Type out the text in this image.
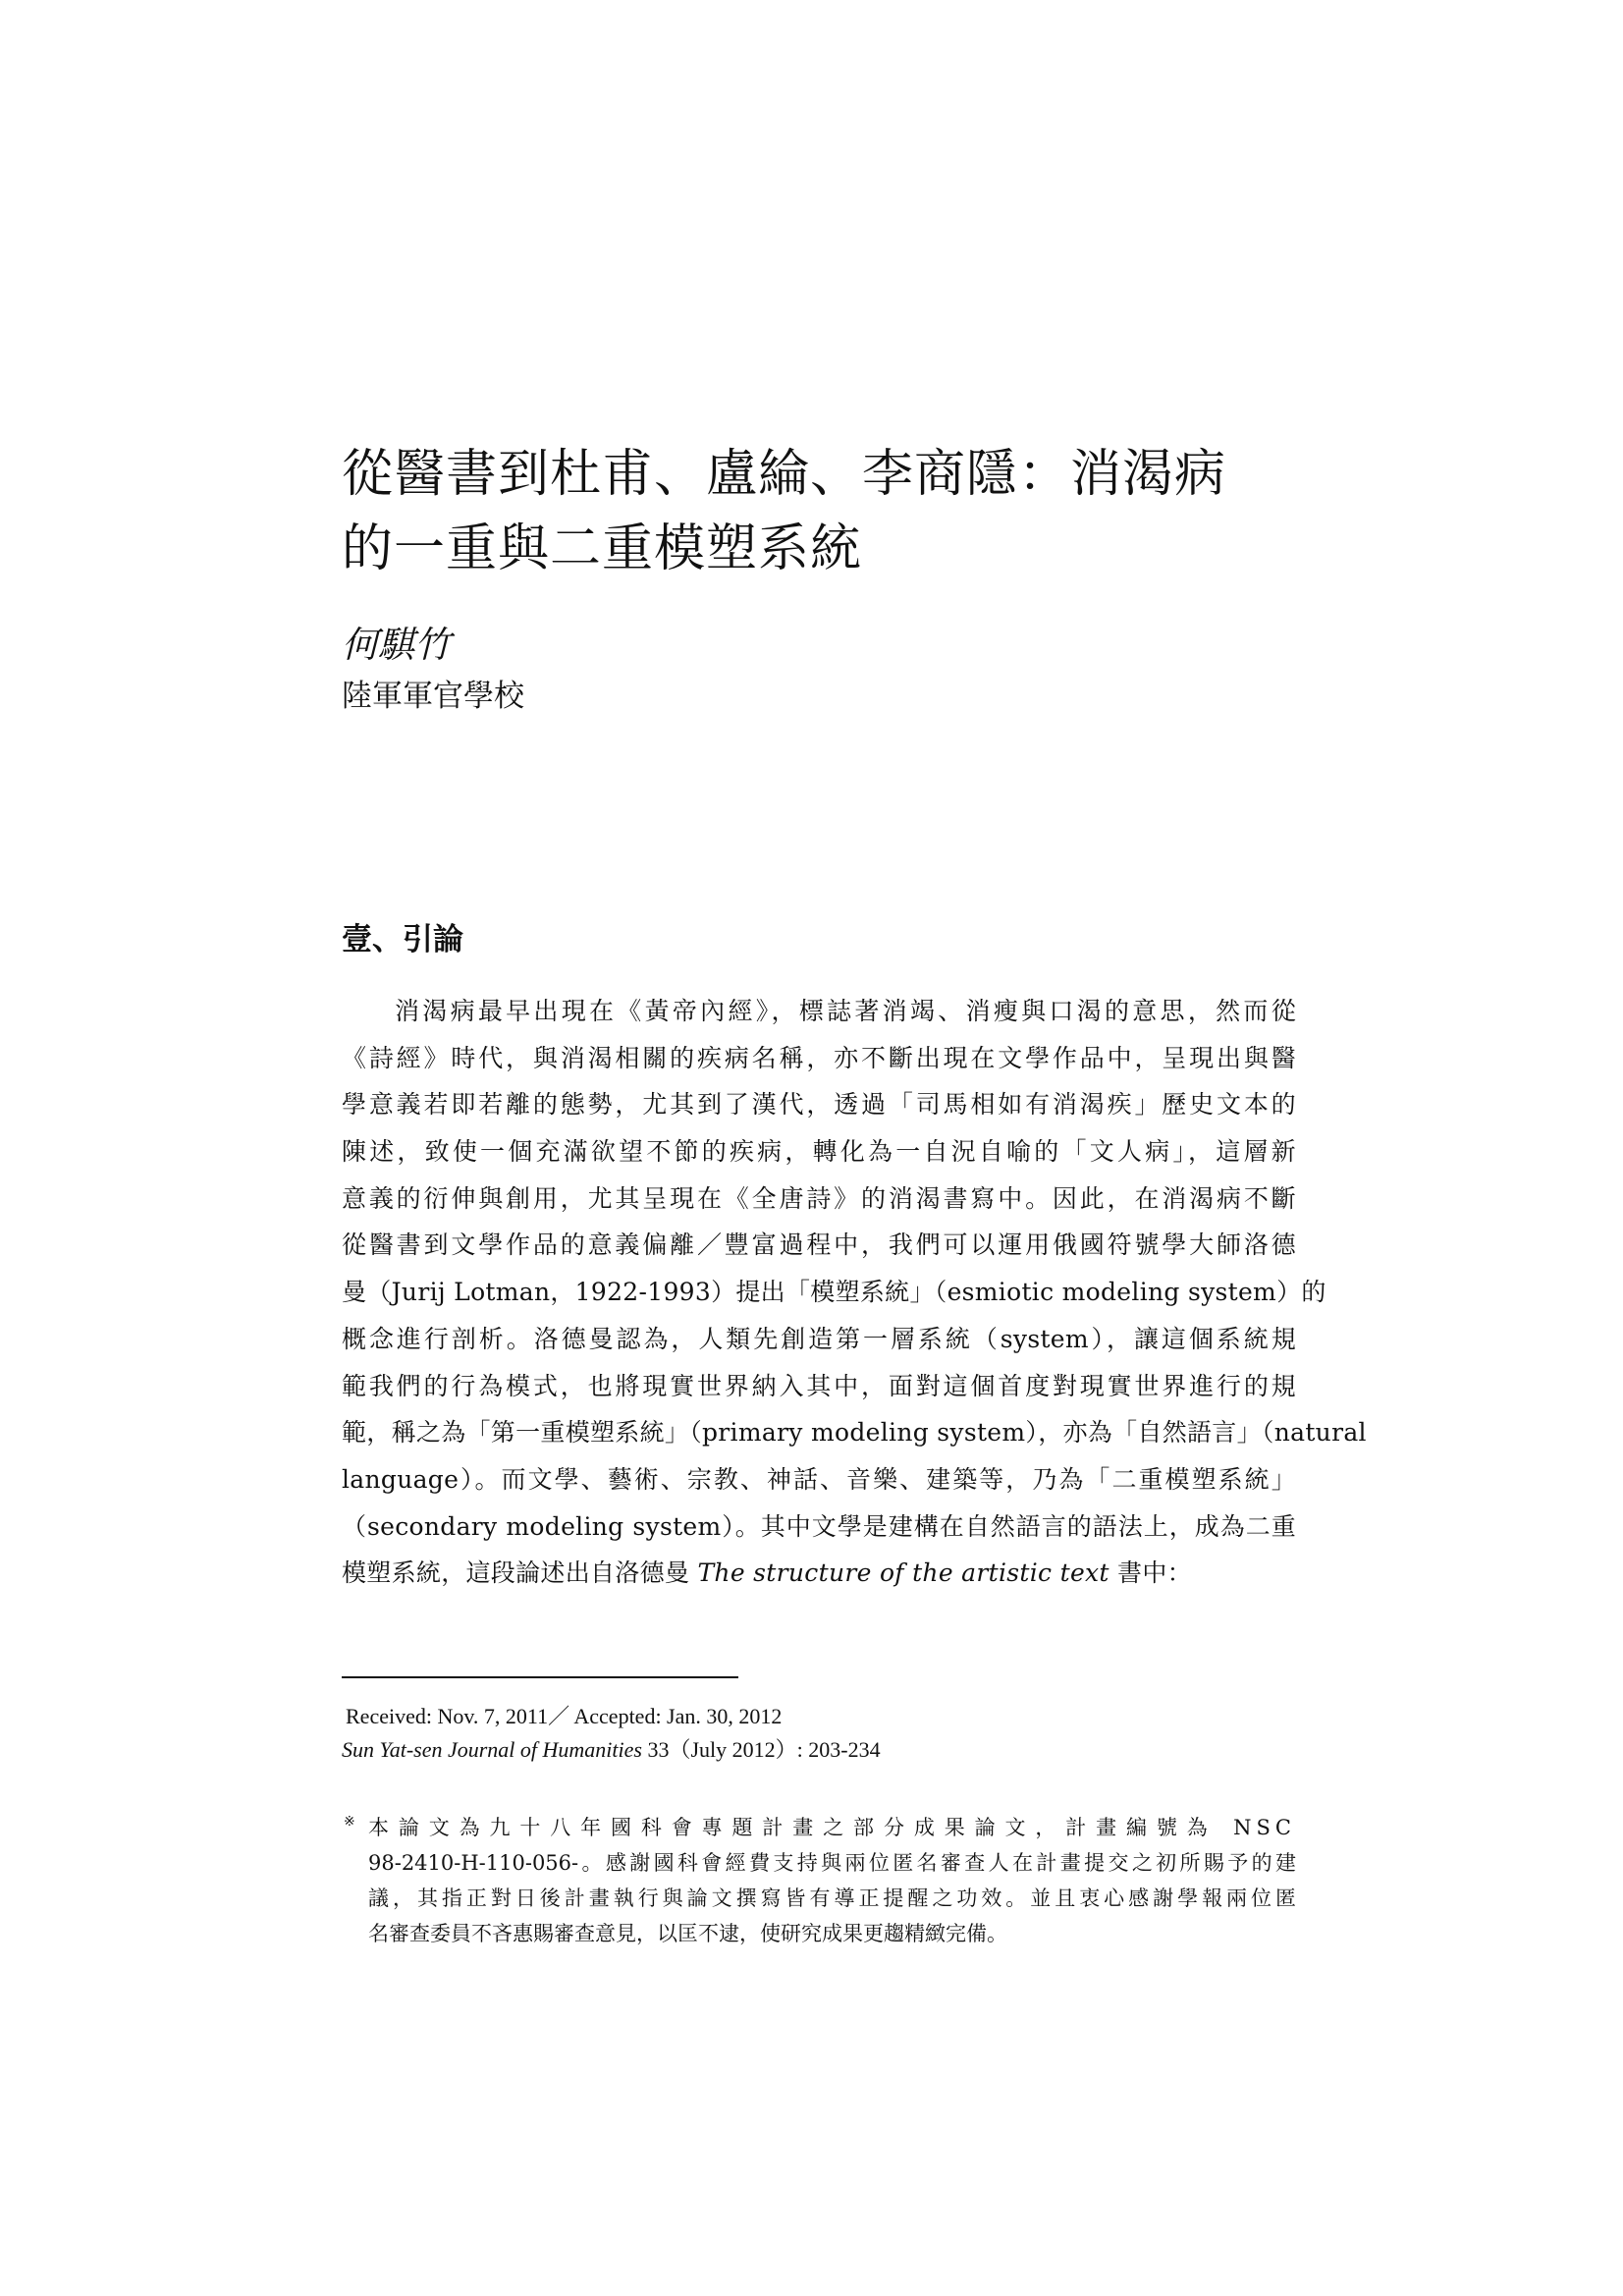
從醫書到杜甫、盧綸、李商隱：消渴病
的一重與二重模塑系統
何騏竹
陸軍軍官學校
壹、引論
消渴病最早出現在《黃帝內經》，標誌著消竭、消瘦與口渴的意思，然而從
《詩經》時代，與消渴相關的疾病名稱，亦不斷出現在文學作品中，呈現出與醫
學意義若即若離的態勢，尤其到了漢代，透過「司馬相如有消渴疾」歷史文本的
陳述，致使一個充滿欲望不節的疾病，轉化為一自況自喻的「文人病」，這層新
意義的衍伸與創用，尤其呈現在《全唐詩》的消渴書寫中。因此，在消渴病不斷
從醫書到文學作品的意義偏離／豐富過程中，我們可以運用俄國符號學大師洛德
曼（Jurij Lotman，1922-1993）提出「模塑系統」（esmiotic modeling system）的
概念進行剖析。洛德曼認為，人類先創造第一層系統（system），讓這個系統規
範我們的行為模式，也將現實世界納入其中，面對這個首度對現實世界進行的規
範，稱之為「第一重模塑系統」（primary modeling system），亦為「自然語言」（natural
language）。而文學、藝術、宗教、神話、音樂、建築等，乃為「二重模塑系統」
（secondary modeling system）。其中文學是建構在自然語言的語法上，成為二重
模塑系統，這段論述出自洛德曼 The structure of the artistic text 書中：
Received: Nov. 7, 2011／ Accepted: Jan. 30, 2012
Sun Yat-sen Journal of Humanities 33（July 2012）: 203-234
※ 本論文為九十八年國科會專題計畫之部分成果論文，計畫編號為 NSC
98-2410-H-110-056-。感謝國科會經費支持與兩位匿名審查人在計畫提交之初所賜予的建
議，其指正對日後計畫執行與論文撰寫皆有導正提醒之功效。並且衷心感謝學報兩位匿
名審查委員不吝惠賜審查意見，以匡不逮，使研究成果更趨精緻完備。
